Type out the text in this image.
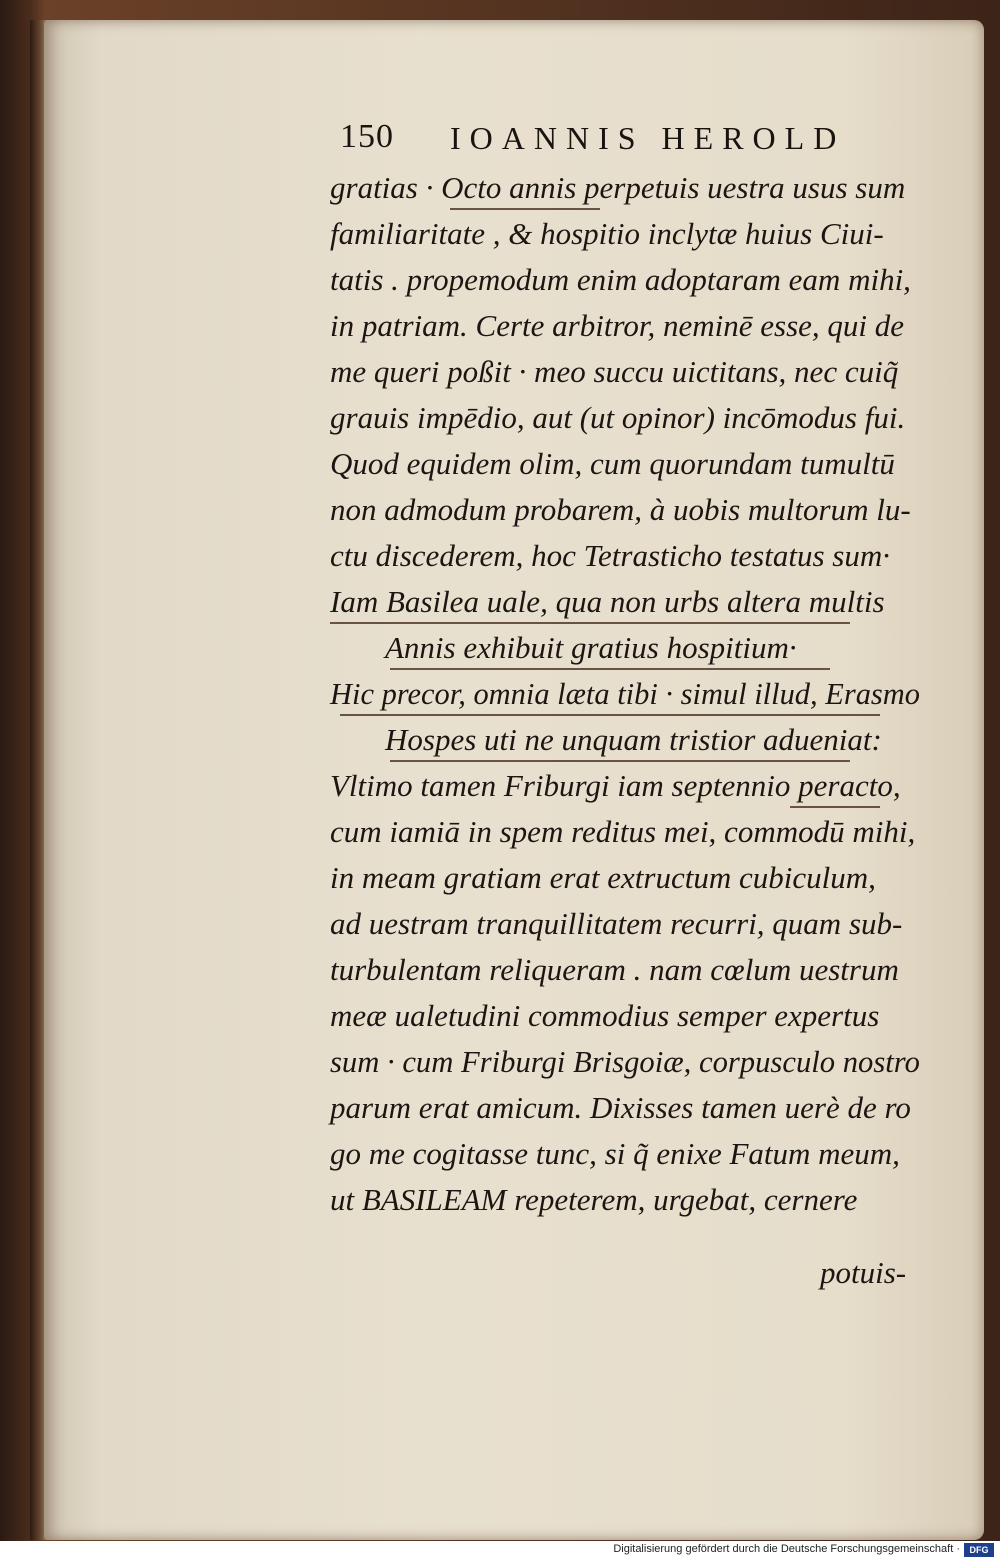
150 IOANNIS HEROLD
gratias · Octo annis perpetuis uestra usus sum
familiaritate , & hospitio inclytæ huius Ciui-
tatis . propemodum enim adoptaram eam mihi,
in patriam. Certe arbitror, neminē esse, qui de
me queri poßit · meo succu uictitans, nec cuiq̃
grauis impēdio, aut (ut opinor) incōmodus fui.
Quod equidem olim, cum quorundam tumultū
non admodum probarem, à uobis multorum lu-
ctu discederem, hoc Tetrasticho testatus sum·
Iam Basilea uale, qua non urbs altera multis
Annis exhibuit gratius hospitium·
Hic precor, omnia læta tibi · simul illud, Erasmo
Hospes uti ne unquam tristior adueniat:
Vltimo tamen Friburgi iam septennio peracto,
cum iamiā in spem reditus mei, commodū mihi,
in meam gratiam erat extructum cubiculum,
ad uestram tranquillitatem recurri, quam sub-
turbulentam reliqueram . nam cœlum uestrum
meæ ualetudini commodius semper expertus
sum · cum Friburgi Brisgoiæ, corpusculo nostro
parum erat amicum. Dixisses tamen uerè de ro
go me cogitasse tunc, si q̃ enixe Fatum meum,
ut BASILEAM repeterem, urgebat, cernere
potuis-
Digitalisierung gefördert durch die Deutsche Forschungsgemeinschaft ·	DFG
